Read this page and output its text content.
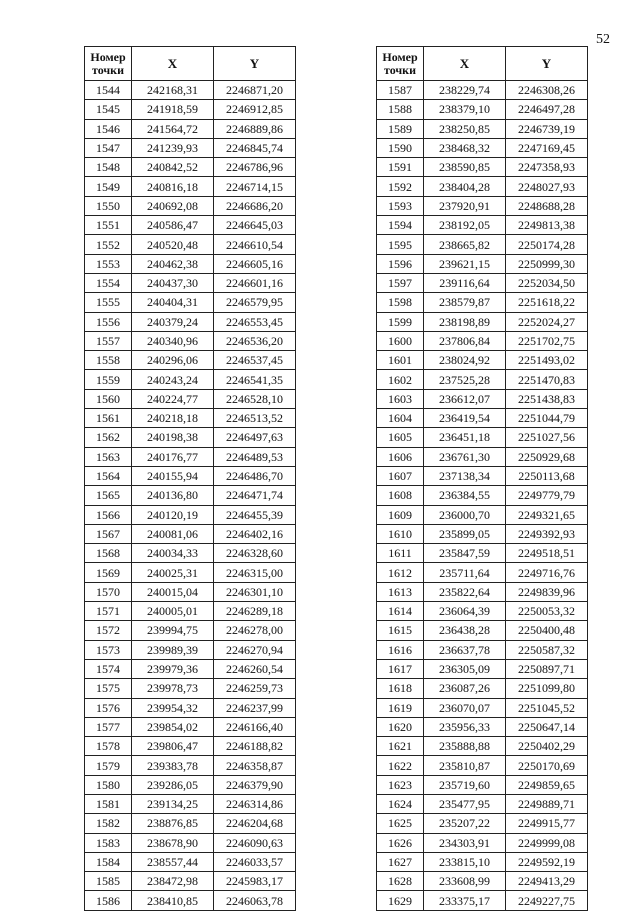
52
Номер
точки	X	Y
1544	242168,31	2246871,20
1545	241918,59	2246912,85
1546	241564,72	2246889,86
1547	241239,93	2246845,74
1548	240842,52	2246786,96
1549	240816,18	2246714,15
1550	240692,08	2246686,20
1551	240586,47	2246645,03
1552	240520,48	2246610,54
1553	240462,38	2246605,16
1554	240437,30	2246601,16
1555	240404,31	2246579,95
1556	240379,24	2246553,45
1557	240340,96	2246536,20
1558	240296,06	2246537,45
1559	240243,24	2246541,35
1560	240224,77	2246528,10
1561	240218,18	2246513,52
1562	240198,38	2246497,63
1563	240176,77	2246489,53
1564	240155,94	2246486,70
1565	240136,80	2246471,74
1566	240120,19	2246455,39
1567	240081,06	2246402,16
1568	240034,33	2246328,60
1569	240025,31	2246315,00
1570	240015,04	2246301,10
1571	240005,01	2246289,18
1572	239994,75	2246278,00
1573	239989,39	2246270,94
1574	239979,36	2246260,54
1575	239978,73	2246259,73
1576	239954,32	2246237,99
1577	239854,02	2246166,40
1578	239806,47	2246188,82
1579	239383,78	2246358,87
1580	239286,05	2246379,90
1581	239134,25	2246314,86
1582	238876,85	2246204,68
1583	238678,90	2246090,63
1584	238557,44	2246033,57
1585	238472,98	2245983,17
1586	238410,85	2246063,78
Номер
точки	X	Y
1587	238229,74	2246308,26
1588	238379,10	2246497,28
1589	238250,85	2246739,19
1590	238468,32	2247169,45
1591	238590,85	2247358,93
1592	238404,28	2248027,93
1593	237920,91	2248688,28
1594	238192,05	2249813,38
1595	238665,82	2250174,28
1596	239621,15	2250999,30
1597	239116,64	2252034,50
1598	238579,87	2251618,22
1599	238198,89	2252024,27
1600	237806,84	2251702,75
1601	238024,92	2251493,02
1602	237525,28	2251470,83
1603	236612,07	2251438,83
1604	236419,54	2251044,79
1605	236451,18	2251027,56
1606	236761,30	2250929,68
1607	237138,34	2250113,68
1608	236384,55	2249779,79
1609	236000,70	2249321,65
1610	235899,05	2249392,93
1611	235847,59	2249518,51
1612	235711,64	2249716,76
1613	235822,64	2249839,96
1614	236064,39	2250053,32
1615	236438,28	2250400,48
1616	236637,78	2250587,32
1617	236305,09	2250897,71
1618	236087,26	2251099,80
1619	236070,07	2251045,52
1620	235956,33	2250647,14
1621	235888,88	2250402,29
1622	235810,87	2250170,69
1623	235719,60	2249859,65
1624	235477,95	2249889,71
1625	235207,22	2249915,77
1626	234303,91	2249999,08
1627	233815,10	2249592,19
1628	233608,99	2249413,29
1629	233375,17	2249227,75
